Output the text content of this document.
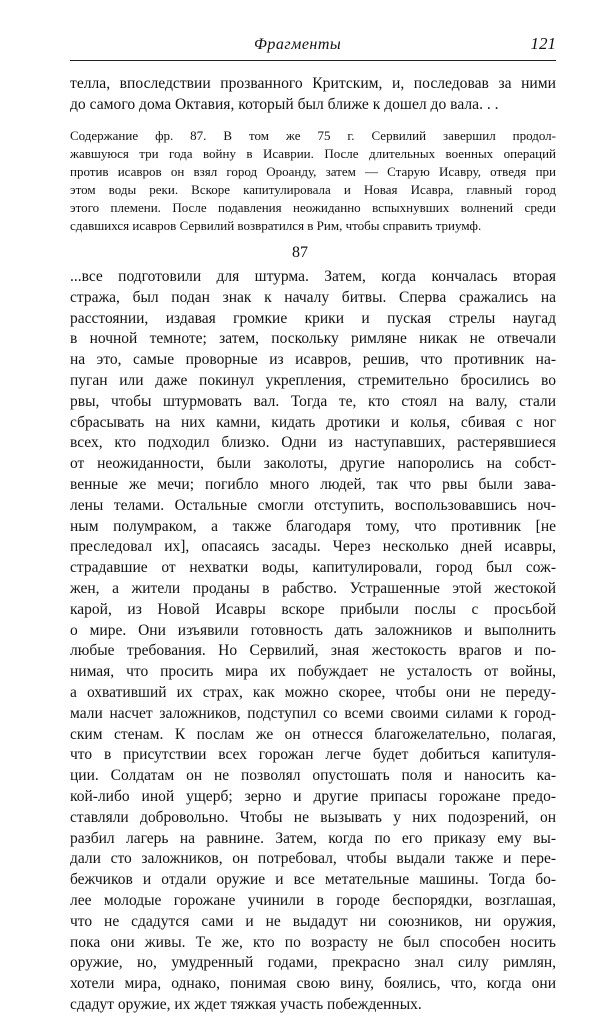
Фрагменты	121
телла, впоследствии прозванного Критским, и, последовав за ними
до самого дома Октавия, который был ближе к дошел до вала. . .
Содержание фр. 87. В том же 75 г. Сервилий завершил продол-
жавшуюся три года войну в Исаврии. После длительных военных операций
против исавров он взял город Ороанду, затем — Старую Исавру, отведя при
этом воды реки. Вскоре капитулировала и Новая Исавра, главный город
этого племени. После подавления неожиданно вспыхнувших волнений среди
сдавшихся исавров Сервилий возвратился в Рим, чтобы справить триумф.
87
...все подготовили для штурма. Затем, когда кончалась вторая
стража, был подан знак к началу битвы. Сперва сражались на
расстоянии, издавая громкие крики и пуская стрелы наугад
в ночной темноте; затем, поскольку римляне никак не отвечали
на это, самые проворные из исавров, решив, что противник на-
пуган или даже покинул укрепления, стремительно бросились во
рвы, чтобы штурмовать вал. Тогда те, кто стоял на валу, стали
сбрасывать на них камни, кидать дротики и колья, сбивая с ног
всех, кто подходил близко. Одни из наступавших, растерявшиеся
от неожиданности, были заколоты, другие напоролись на собст-
венные же мечи; погибло много людей, так что рвы были зава-
лены телами. Остальные смогли отступить, воспользовавшись ноч-
ным полумраком, а также благодаря тому, что противник [не
преследовал их], опасаясь засады. Через несколько дней исавры,
страдавшие от нехватки воды, капитулировали, город был сож-
жен, а жители проданы в рабство. Устрашенные этой жестокой
карой, из Новой Исавры вскоре прибыли послы с просьбой
о мире. Они изъявили готовность дать заложников и выполнить
любые требования. Но Сервилий, зная жестокость врагов и по-
нимая, что просить мира их побуждает не усталость от войны,
а охвативший их страх, как можно скорее, чтобы они не переду-
мали насчет заложников, подступил со всеми своими силами к город-
ским стенам. К послам же он отнесся благожелательно, полагая,
что в присутствии всех горожан легче будет добиться капитуля-
ции. Солдатам он не позволял опустошать поля и наносить ка-
кой-либо иной ущерб; зерно и другие припасы горожане предо-
ставляли добровольно. Чтобы не вызывать у них подозрений, он
разбил лагерь на равнине. Затем, когда по его приказу ему вы-
дали сто заложников, он потребовал, чтобы выдали также и пере-
бежчиков и отдали оружие и все метательные машины. Тогда бо-
лее молодые горожане учинили в городе беспорядки, возглашая,
что не сдадутся сами и не выдадут ни союзников, ни оружия,
пока они живы. Те же, кто по возрасту не был способен носить
оружие, но, умудренный годами, прекрасно знал силу римлян,
хотели мира, однако, понимая свою вину, боялись, что, когда они
сдадут оружие, их ждет тяжкая участь побежденных.
